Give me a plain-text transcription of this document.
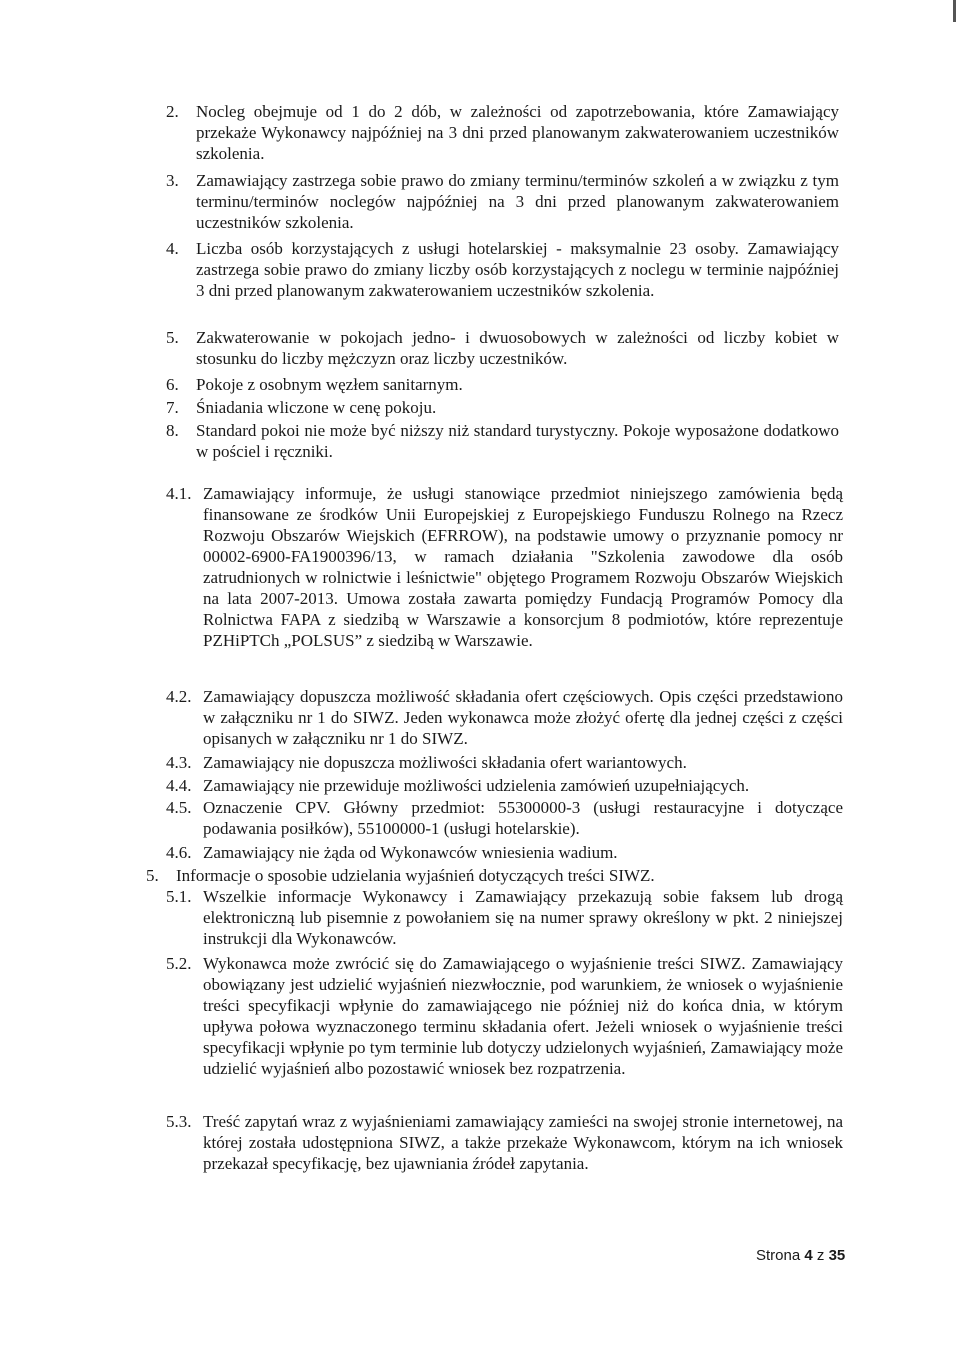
2. Nocleg obejmuje od 1 do 2 dób, w zależności od zapotrzebowania, które Zamawiający przekaże Wykonawcy najpóźniej na 3 dni przed planowanym zakwaterowaniem uczestników szkolenia.
3. Zamawiający zastrzega sobie prawo do zmiany terminu/terminów szkoleń a w związku z tym terminu/terminów noclegów najpóźniej na 3 dni przed planowanym zakwaterowaniem uczestników szkolenia.
4. Liczba osób korzystających z usługi hotelarskiej - maksymalnie 23 osoby. Zamawiający zastrzega sobie prawo do zmiany liczby osób korzystających z noclegu w terminie najpóźniej 3 dni przed planowanym zakwaterowaniem uczestników szkolenia.
5. Zakwaterowanie w pokojach jedno- i dwuosobowych w zależności od liczby kobiet w stosunku do liczby mężczyzn oraz liczby uczestników.
6. Pokoje z osobnym węzłem sanitarnym.
7. Śniadania wliczone w cenę pokoju.
8. Standard pokoi nie może być niższy niż standard turystyczny. Pokoje wyposażone dodatkowo w pościel i ręczniki.
4.1. Zamawiający informuje, że usługi stanowiące przedmiot niniejszego zamówienia będą finansowane ze środków Unii Europejskiej z Europejskiego Funduszu Rolnego na Rzecz Rozwoju Obszarów Wiejskich (EFRROW), na podstawie umowy o przyznanie pomocy nr 00002-6900-FA1900396/13, w ramach działania "Szkolenia zawodowe dla osób zatrudnionych w rolnictwie i leśnictwie" objętego Programem Rozwoju Obszarów Wiejskich na lata 2007-2013. Umowa została zawarta pomiędzy Fundacją Programów Pomocy dla Rolnictwa FAPA z siedzibą w Warszawie a konsorcjum 8 podmiotów, które reprezentuje PZHiPTCh „POLSUS” z siedzibą w Warszawie.
4.2. Zamawiający dopuszcza możliwość składania ofert częściowych. Opis części przedstawiono w załączniku nr 1 do SIWZ. Jeden wykonawca może złożyć ofertę dla jednej części z części opisanych w załączniku nr 1 do SIWZ.
4.3. Zamawiający nie dopuszcza możliwości składania ofert wariantowych.
4.4. Zamawiający nie przewiduje możliwości udzielenia zamówień uzupełniających.
4.5. Oznaczenie CPV. Główny przedmiot: 55300000-3 (usługi restauracyjne i dotyczące podawania posiłków), 55100000-1 (usługi hotelarskie).
4.6. Zamawiający nie żąda od Wykonawców wniesienia wadium.
5. Informacje o sposobie udzielania wyjaśnień dotyczących treści SIWZ.
5.1. Wszelkie informacje Wykonawcy i Zamawiający przekazują sobie faksem lub drogą elektroniczną lub pisemnie z powołaniem się na numer sprawy określony w pkt. 2 niniejszej instrukcji dla Wykonawców.
5.2. Wykonawca może zwrócić się do Zamawiającego o wyjaśnienie treści SIWZ. Zamawiający obowiązany jest udzielić wyjaśnień niezwłocznie, pod warunkiem, że wniosek o wyjaśnienie treści specyfikacji wpłynie do zamawiającego nie później niż do końca dnia, w którym upływa połowa wyznaczonego terminu składania ofert. Jeżeli wniosek o wyjaśnienie treści specyfikacji wpłynie po tym terminie lub dotyczy udzielonych wyjaśnień, Zamawiający może udzielić wyjaśnień albo pozostawić wniosek bez rozpatrzenia.
5.3. Treść zapytań wraz z wyjaśnieniami zamawiający zamieści na swojej stronie internetowej, na której została udostępniona SIWZ, a także przekaże Wykonawcom, którym na ich wniosek przekazał specyfikację, bez ujawniania źródeł zapytania.
Strona 4 z 35
